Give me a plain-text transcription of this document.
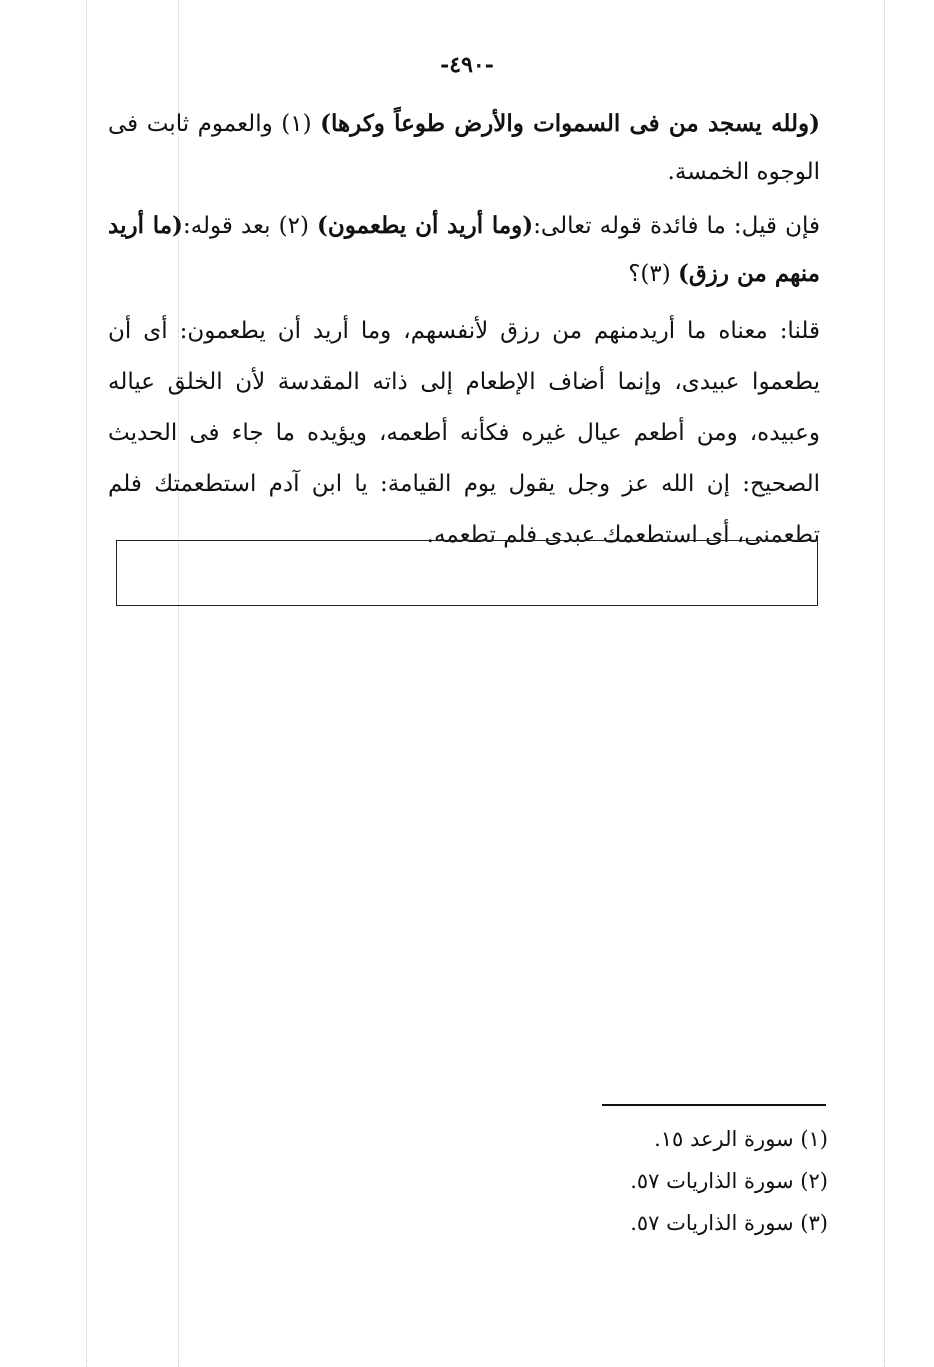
-٤٩٠-

(ولله يسجد من فى السموات والأرض طوعاً وكرها) (١) والعموم ثابت فى الوجوه الخمسة.

فإن قيل: ما فائدة قوله تعالى:(وما أريد أن يطعمون) (٢) بعد قوله:(ما أريد منهم من رزق) (٣)؟

قلنا: معناه ما أريدمنهم من رزق لأنفسهم، وما أريد أن يطعمون: أى أن يطعموا عبيدى، وإنما أضاف الإطعام إلى ذاته المقدسة لأن الخلق عياله وعبيده، ومن أطعم عيال غيره فكأنه أطعمه، ويؤيده ما جاء فى الحديث الصحيح: إن الله عز وجل يقول يوم القيامة: يا ابن آدم استطعمتك فلم تطعمنى، أى استطعمك عبدى فلم تطعمه.

(١) سورة الرعد ١٥.

(٢) سورة الذاريات ٥٧.

(٣) سورة الذاريات ٥٧.
